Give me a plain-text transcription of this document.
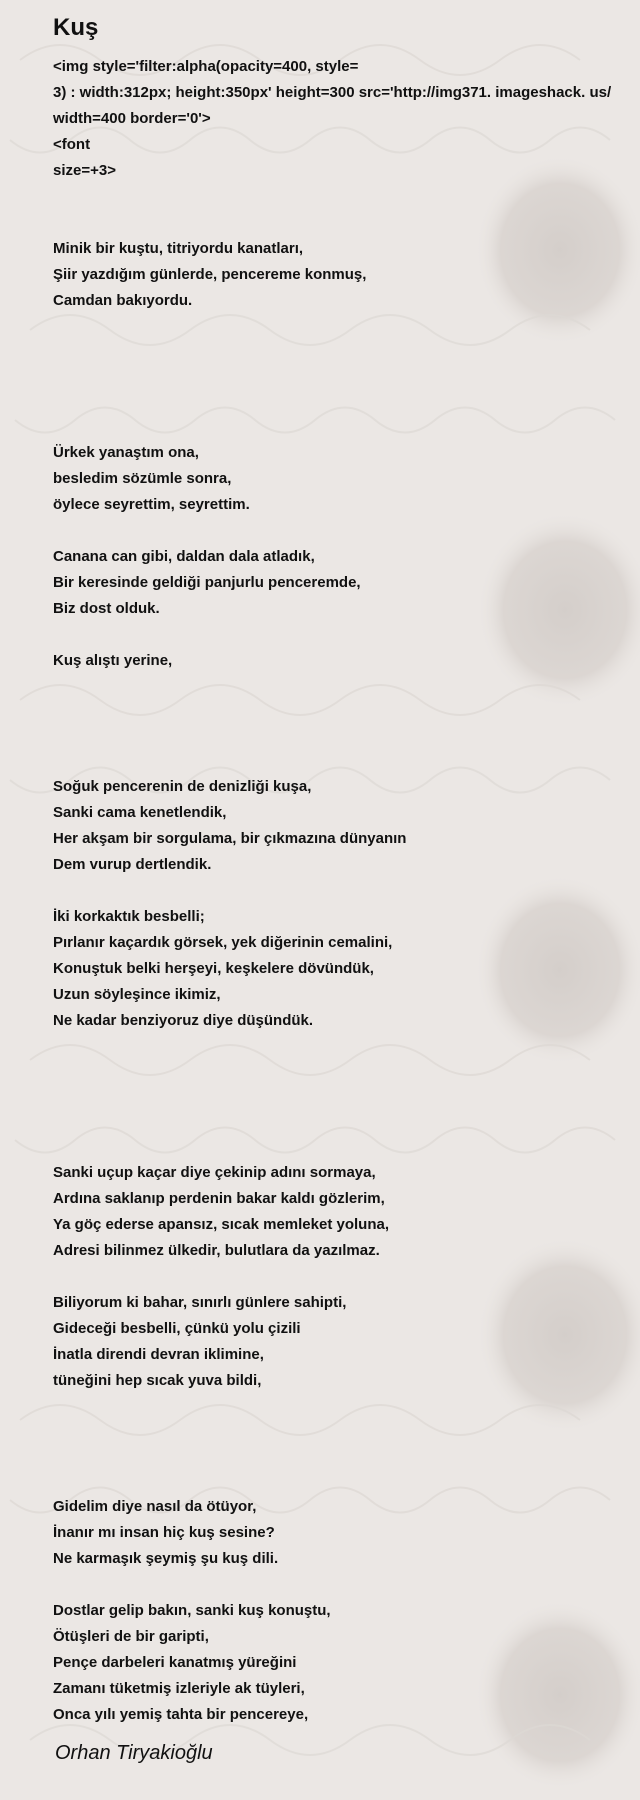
Kuş
<img style='filter:alpha(opacity=400, style=
3) : width:312px; height:350px' height=300 src='http://img371. imageshack. us/
width=400 border='0'>
<font
size=+3>
Minik bir kuştu, titriyordu kanatları,
Şiir yazdığım günlerde, pencereme konmuş,
Camdan bakıyordu.
Ürkek yanaştım ona,
besledim sözümle sonra,
öylece seyrettim, seyrettim.
Canana can gibi, daldan dala atladık,
Bir keresinde geldiği panjurlu penceremde,
Biz dost olduk.
Kuş alıştı yerine,
Soğuk pencerenin de denizliği kuşa,
Sanki cama kenetlendik,
Her akşam bir sorgulama, bir çıkmazına dünyanın
Dem vurup dertlendik.
İki korkaktık besbelli;
Pırlanır kaçardık görsek, yek diğerinin cemalini,
Konuştuk belki herşeyi, keşkelere dövündük,
Uzun söyleşince ikimiz,
Ne kadar benziyoruz diye düşündük.
Sanki uçup kaçar diye çekinip adını sormaya,
Ardına saklanıp perdenin bakar kaldı gözlerim,
Ya göç ederse apansız, sıcak memleket yoluna,
Adresi bilinmez ülkedir, bulutlara da yazılmaz.
Biliyorum ki bahar, sınırlı günlere sahipti,
Gideceği besbelli, çünkü yolu çizili
İnatla direndi devran iklimine,
tüneğini hep sıcak yuva bildi,
Gidelim diye nasıl da ötüyor,
İnanır mı insan hiç kuş sesine?
Ne karmaşık şeymiş şu kuş dili.
Dostlar gelip bakın, sanki kuş konuştu,
Ötüşleri de bir garipti,
Pençe darbeleri kanatmış yüreğini
Zamanı tüketmiş izleriyle ak tüyleri,
Onca yılı yemiş tahta bir pencereye,
Orhan Tiryakioğlu
